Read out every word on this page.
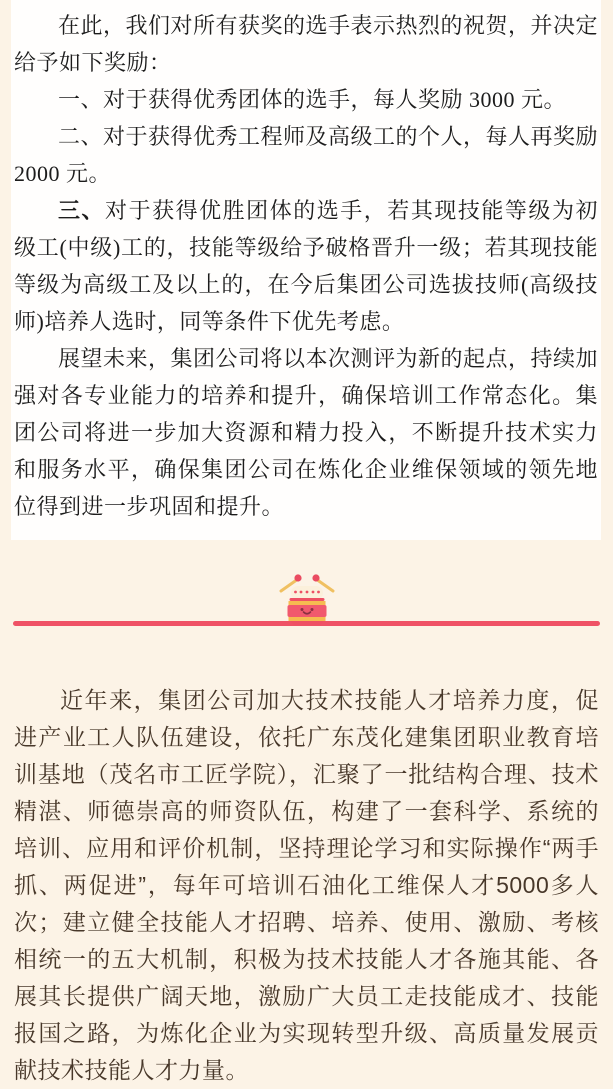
在此，我们对所有获奖的选手表示热烈的祝贺，并决定给予如下奖励：

一、对于获得优秀团体的选手，每人奖励 3000 元。

二、对于获得优秀工程师及高级工的个人，每人再奖励 2000 元。

三、对于获得优胜团体的选手，若其现技能等级为初级工(中级)工的，技能等级给予破格晋升一级；若其现技能等级为高级工及以上的，在今后集团公司选拔技师(高级技师)培养人选时，同等条件下优先考虑。

展望未来，集团公司将以本次测评为新的起点，持续加强对各专业能力的培养和提升，确保培训工作常态化。集团公司将进一步加大资源和精力投入，不断提升技术实力和服务水平，确保集团公司在炼化企业维保领域的领先地位得到进一步巩固和提升。

近年来，集团公司加大技术技能人才培养力度，促进产业工人队伍建设，依托广东茂化建集团职业教育培训基地（茂名市工匠学院），汇聚了一批结构合理、技术精湛、师德崇高的师资队伍，构建了一套科学、系统的培训、应用和评价机制，坚持理论学习和实际操作“两手抓、两促进”，每年可培训石油化工维保人才5000多人次；建立健全技能人才招聘、培养、使用、激励、考核相统一的五大机制，积极为技术技能人才各施其能、各展其长提供广阔天地，激励广大员工走技能成才、技能报国之路，为炼化企业为实现转型升级、高质量发展贡献技术技能人才力量。
